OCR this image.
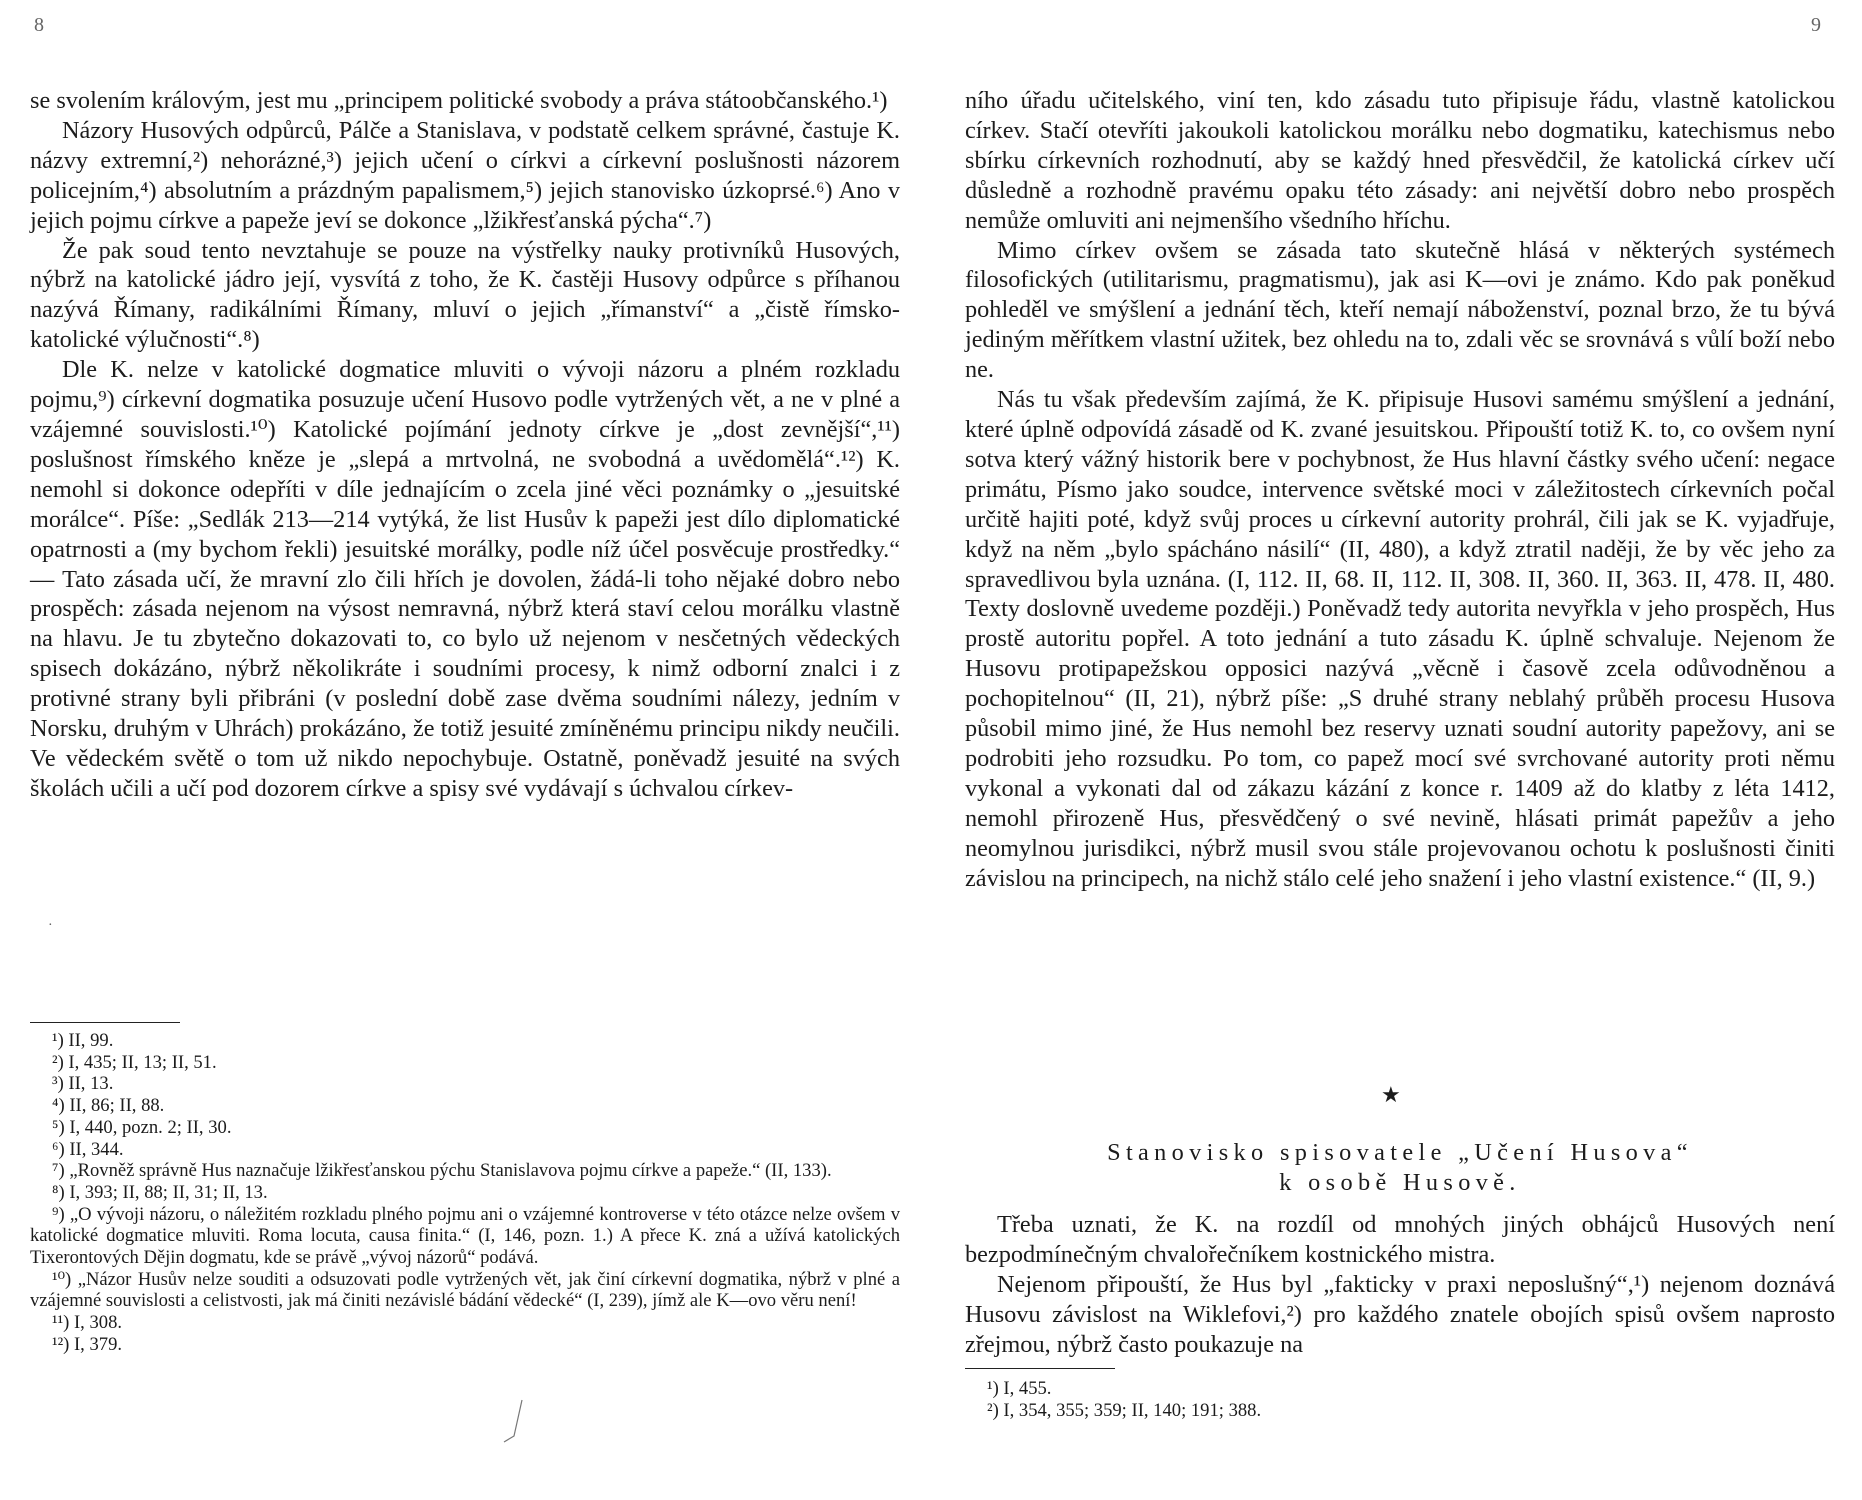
8

se svolením královým, jest mu „principem politické svobody a práva státoobčanského.¹)

Názory Husových odpůrců, Pálče a Stanislava, v podstatě celkem správné, častuje K. názvy extremní,²) nehorázné,³) jejich učení o církvi a církevní poslušnosti názorem policejním,⁴) absolutním a prázdným papalismem,⁵) jejich stanovisko úzkoprsé.⁶) Ano v jejich pojmu církve a papeže jeví se dokonce „lžikřesťanská pýcha“.⁷)

Že pak soud tento nevztahuje se pouze na výstřelky nauky protivníků Husových, nýbrž na katolické jádro její, vysvítá z toho, že K. častěji Husovy odpůrce s příhanou nazývá Římany, radikálními Římany, mluví o jejich „římanství“ a „čistě římsko-katolické výlučnosti“.⁸)

Dle K. nelze v katolické dogmatice mluviti o vývoji názoru a plném rozkladu pojmu,⁹) církevní dogmatika posuzuje učení Husovo podle vytržených vět, a ne v plné a vzájemné souvislosti.¹⁰) Katolické pojímání jednoty církve je „dost zevnější“,¹¹) poslušnost římského kněze je „slepá a mrtvolná, ne svobodná a uvědomělá“.¹²) K. nemohl si dokonce odepříti v díle jednajícím o zcela jiné věci poznámky o „jesuitské morálce“. Píše: „Sedlák 213—214 vytýká, že list Husův k papeži jest dílo diplomatické opatrnosti a (my bychom řekli) jesuitské morálky, podle níž účel posvěcuje prostředky.“ — Tato zásada učí, že mravní zlo čili hřích je dovolen, žádá-li toho nějaké dobro nebo prospěch: zásada nejenom na výsost nemravná, nýbrž která staví celou morálku vlastně na hlavu. Je tu zbytečno dokazovati to, co bylo už nejenom v nesčetných vědeckých spisech dokázáno, nýbrž několikráte i soudními procesy, k nimž odborní znalci i z protivné strany byli přibráni (v poslední době zase dvěma soudními nálezy, jedním v Norsku, druhým v Uhrách) prokázáno, že totiž jesuité zmíněnému principu nikdy neučili. Ve vědeckém světě o tom už nikdo nepochybuje. Ostatně, poněvadž jesuité na svých školách učili a učí pod dozorem církve a spisy své vydávají s úchvalou církev-

¹) II, 99.

²) I, 435; II, 13; II, 51.

³) II, 13.

⁴) II, 86; II, 88.

⁵) I, 440, pozn. 2; II, 30.

⁶) II, 344.

⁷) „Rovněž správně Hus naznačuje lžikřesťanskou pýchu Stanislavova pojmu církve a papeže.“ (II, 133).

⁸) I, 393; II, 88; II, 31; II, 13.

⁹) „O vývoji názoru, o náležitém rozkladu plného pojmu ani o vzájemné kontroverse v této otázce nelze ovšem v katolické dogmatice mluviti. Roma locuta, causa finita.“ (I, 146, pozn. 1.) A přece K. zná a užívá katolických Tixerontových Dějin dogmatu, kde se právě „vývoj názorů“ podává.

¹⁰) „Názor Husův nelze souditi a odsuzovati podle vytržených vět, jak činí církevní dogmatika, nýbrž v plné a vzájemné souvislosti a celistvosti, jak má činiti nezávislé bádání vědecké“ (I, 239), jímž ale K—ovo věru není!

¹¹) I, 308.

¹²) I, 379.

·
9

ního úřadu učitelského, viní ten, kdo zásadu tuto připisuje řádu, vlastně katolickou církev. Stačí otevříti jakoukoli katolickou morálku nebo dogmatiku, katechismus nebo sbírku církevních rozhodnutí, aby se každý hned přesvědčil, že katolická církev učí důsledně a rozhodně pravému opaku této zásady: ani největší dobro nebo prospěch nemůže omluviti ani nejmenšího všedního hříchu.

Mimo církev ovšem se zásada tato skutečně hlásá v některých systémech filosofických (utilitarismu, pragmatismu), jak asi K—ovi je známo. Kdo pak poněkud pohleděl ve smýšlení a jednání těch, kteří nemají náboženství, poznal brzo, že tu bývá jediným měřítkem vlastní užitek, bez ohledu na to, zdali věc se srovnává s vůlí boží nebo ne.

Nás tu však především zajímá, že K. připisuje Husovi samému smýšlení a jednání, které úplně odpovídá zásadě od K. zvané jesuitskou. Připouští totiž K. to, co ovšem nyní sotva který vážný historik bere v pochybnost, že Hus hlavní částky svého učení: negace primátu, Písmo jako soudce, intervence světské moci v záležitostech církevních počal určitě hajiti poté, když svůj proces u církevní autority prohrál, čili jak se K. vyjadřuje, když na něm „bylo spácháno násilí“ (II, 480), a když ztratil naději, že by věc jeho za spravedlivou byla uznána. (I, 112. II, 68. II, 112. II, 308. II, 360. II, 363. II, 478. II, 480. Texty doslovně uvedeme později.) Poněvadž tedy autorita nevyřkla v jeho prospěch, Hus prostě autoritu popřel. A toto jednání a tuto zásadu K. úplně schvaluje. Nejenom že Husovu protipapežskou opposici nazývá „věcně i časově zcela odůvodněnou a pochopitelnou“ (II, 21), nýbrž píše: „S druhé strany neblahý průběh procesu Husova působil mimo jiné, že Hus nemohl bez reservy uznati soudní autority papežovy, ani se podrobiti jeho rozsudku. Po tom, co papež mocí své svrchované autority proti němu vykonal a vykonati dal od zákazu kázání z konce r. 1409 až do klatby z léta 1412, nemohl přirozeně Hus, přesvědčený o své nevině, hlásati primát papežův a jeho neomylnou jurisdikci, nýbrž musil svou stále projevovanou ochotu k poslušnosti činiti závislou na principech, na nichž stálo celé jeho snažení i jeho vlastní existence.“ (II, 9.)

★
Stanovisko spisovatele „Učení Husova“
k osobě Husově.

Třeba uznati, že K. na rozdíl od mnohých jiných obhájců Husových není bezpodmínečným chvalořečníkem kostnického mistra.

Nejenom připouští, že Hus byl „fakticky v praxi neposlušný“,¹) nejenom doznává Husovu závislost na Wiklefovi,²) pro každého znatele obojích spisů ovšem naprosto zřejmou, nýbrž často poukazuje na

¹) I, 455.

²) I, 354, 355; 359; II, 140; 191; 388.
